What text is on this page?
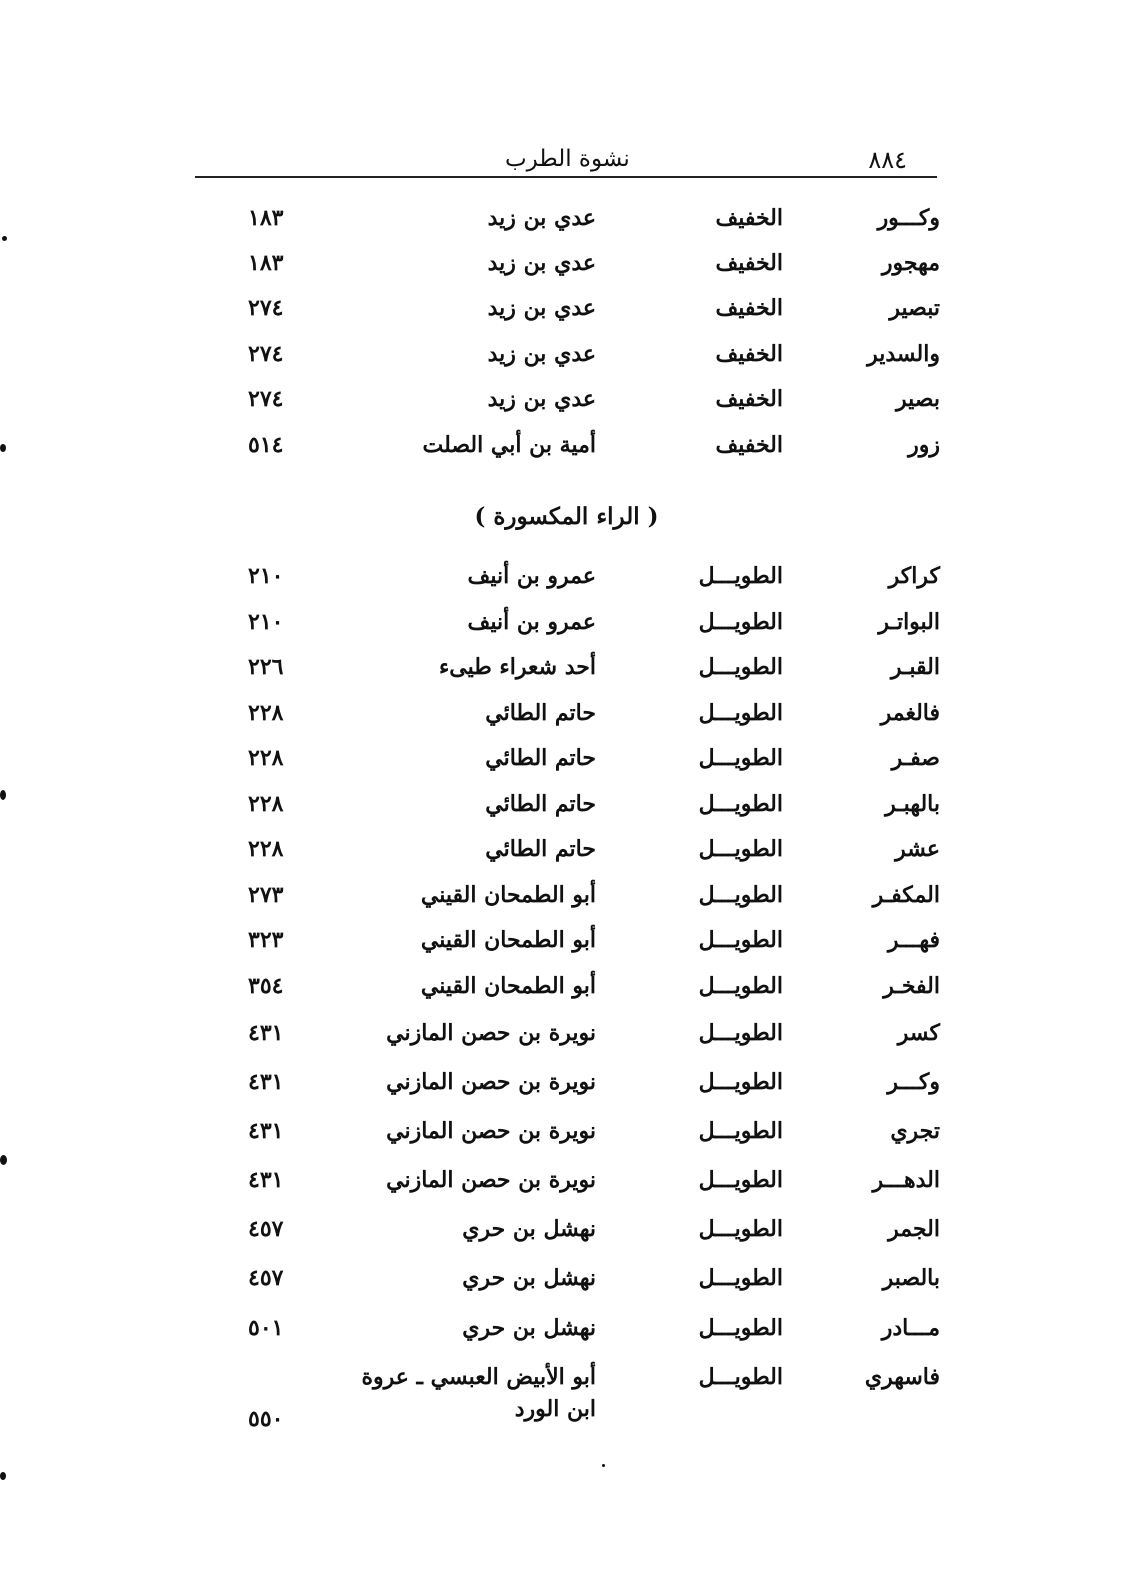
٨٨٤
نشوة الطرب
وكـــور
الخفيف
عدي بن زيد
١٨٣
مهجور
الخفيف
عدي بن زيد
١٨٣
تبصير
الخفيف
عدي بن زيد
٢٧٤
والسدير
الخفيف
عدي بن زيد
٢٧٤
بصير
الخفيف
عدي بن زيد
٢٧٤
زور
الخفيف
أمية بن أبي الصلت
٥١٤
( الراء المكسورة )
كراكر
الطويـــل
عمرو بن أنيف
٢١٠
البواتـر
الطويـــل
عمرو بن أنيف
٢١٠
القبـر
الطويـــل
أحد شعراء طيىء
٢٢٦
فالغمر
الطويـــل
حاتم الطائي
٢٢٨
صفـر
الطويـــل
حاتم الطائي
٢٢٨
بالهبـر
الطويـــل
حاتم الطائي
٢٢٨
عشر
الطويـــل
حاتم الطائي
٢٢٨
المكفـر
الطويـــل
أبو الطمحان القيني
٢٧٣
فهـــر
الطويـــل
أبو الطمحان القيني
٣٢٣
الفخـر
الطويـــل
أبو الطمحان القيني
٣٥٤
كسر
الطويـــل
نويرة بن حصن المازني
٤٣١
وكـــر
الطويـــل
نويرة بن حصن المازني
٤٣١
تجري
الطويـــل
نويرة بن حصن المازني
٤٣١
الدهـــر
الطويـــل
نويرة بن حصن المازني
٤٣١
الجمر
الطويـــل
نهشل بن حري
٤٥٧
بالصبر
الطويـــل
نهشل بن حري
٤٥٧
مـــادر
الطويـــل
نهشل بن حري
٥٠١
فاسهري
الطويـــل
أبو الأبيض العبسي ـ عروة
ابن الورد
٥٥٠
